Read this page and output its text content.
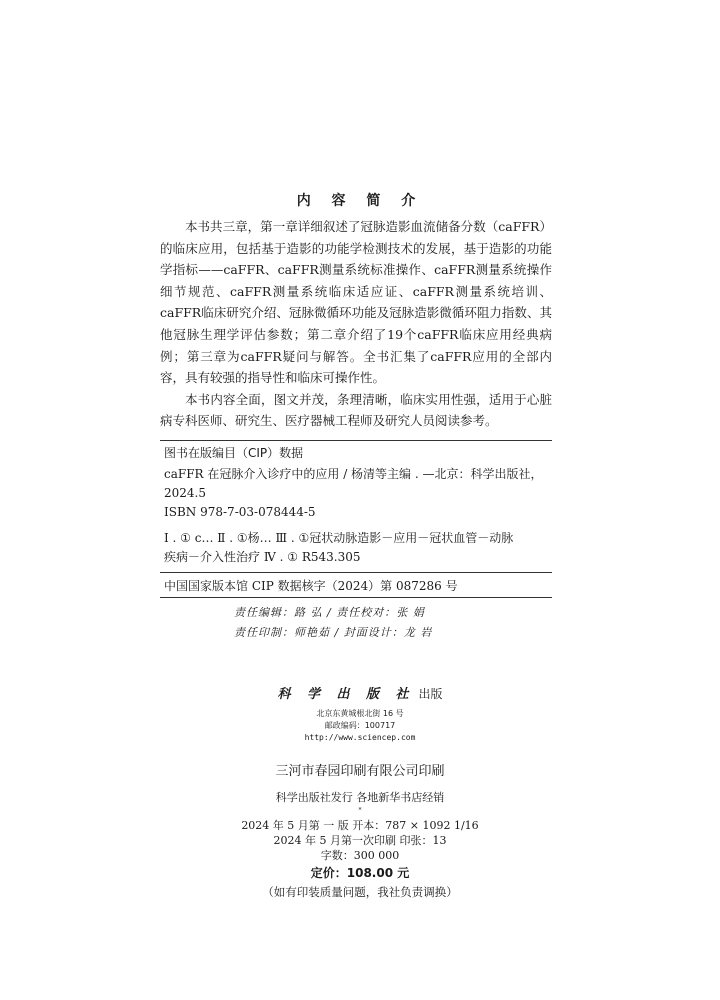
内 容 简 介

本书共三章，第一章详细叙述了冠脉造影血流储备分数（caFFR）的临床应用，包括基于造影的功能学检测技术的发展，基于造影的功能学指标——caFFR、caFFR测量系统标准操作、caFFR测量系统操作细节规范、caFFR测量系统临床适应证、caFFR测量系统培训、caFFR临床研究介绍、冠脉微循环功能及冠脉造影微循环阻力指数、其他冠脉生理学评估参数；第二章介绍了19个caFFR临床应用经典病例；第三章为caFFR疑问与解答。全书汇集了caFFR应用的全部内容，具有较强的指导性和临床可操作性。

本书内容全面，图文并茂，条理清晰，临床实用性强，适用于心脏病专科医师、研究生、医疗器械工程师及研究人员阅读参考。

图书在版编目（CIP）数据
caFFR 在冠脉介入诊疗中的应用 / 杨清等主编 . —北京：科学出版社，
2024.5
ISBN 978-7-03-078444-5
Ⅰ . ① c… Ⅱ . ①杨… Ⅲ . ①冠状动脉造影－应用－冠状血管－动脉
疾病－介入性治疗 Ⅳ . ① R543.305
中国国家版本馆 CIP 数据核字（2024）第 087286 号
责任编辑：路 弘 / 责任校对：张 娟
责任印制：师艳茹 / 封面设计：龙 岩
科 学 出 版 社 出版
北京东黄城根北街 16 号
邮政编码：100717
http://www.sciencep.com
三河市春园印刷有限公司印刷
科学出版社发行 各地新华书店经销
*
2024 年 5 月第 一 版 开本：787 × 1092 1/16
2024 年 5 月第一次印刷 印张：13
字数：300 000
定价：108.00 元
（如有印装质量问题，我社负责调换）
